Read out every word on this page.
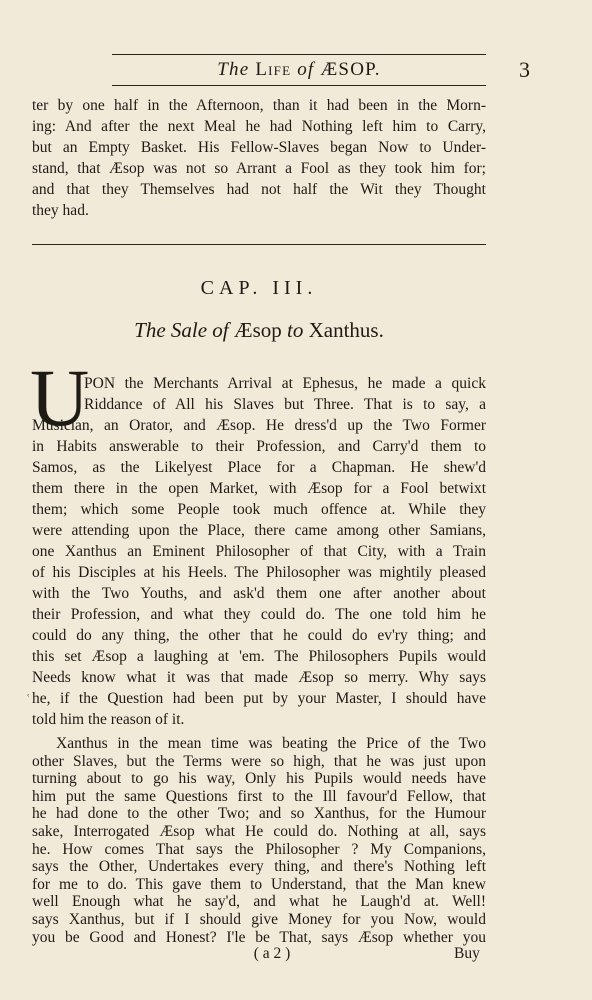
The Life of ÆSOP.	3
ter by one half in the Afternoon, than it had been in the Morn-
ing: And after the next Meal he had Nothing left him to Carry,
but an Empty Basket. His Fellow-Slaves began Now to Under-
stand, that Æsop was not so Arrant a Fool as they took him for;
and that they Themselves had not half the Wit they Thought
they had.
CAP. III.
The Sale of Æsop to Xanthus.
U
PON the Merchants Arrival at Ephesus, he made a quick
Riddance of All his Slaves but Three. That is to say, a
Musician, an Orator, and Æsop. He dress'd up the Two Former
in Habits answerable to their Profession, and Carry'd them to
Samos, as the Likelyest Place for a Chapman. He shew'd
them there in the open Market, with Æsop for a Fool betwixt
them; which some People took much offence at. While they
were attending upon the Place, there came among other Samians,
one Xanthus an Eminent Philosopher of that City, with a Train
of his Disciples at his Heels. The Philosopher was mightily pleased
with the Two Youths, and ask'd them one after another about
their Profession, and what they could do. The one told him he
could do any thing, the other that he could do ev'ry thing; and
this set Æsop a laughing at 'em. The Philosophers Pupils would
Needs know what it was that made Æsop so merry. Why says
he, if the Question had been put by your Master, I should have
told him the reason of it.
ʿ
Xanthus in the mean time was beating the Price of the Two
other Slaves, but the Terms were so high, that he was just upon
turning about to go his way, Only his Pupils would needs have
him put the same Questions first to the Ill favour'd Fellow, that
he had done to the other Two; and so Xanthus, for the Humour
sake, Interrogated Æsop what He could do. Nothing at all, says
he. How comes That says the Philosopher ? My Companions,
says the Other, Undertakes every thing, and there's Nothing left
for me to do. This gave them to Understand, that the Man knew
well Enough what he say'd, and what he Laugh'd at. Well!
says Xanthus, but if I should give Money for you Now, would
you be Good and Honest? I'le be That, says Æsop whether you
( a 2 )	Buy
